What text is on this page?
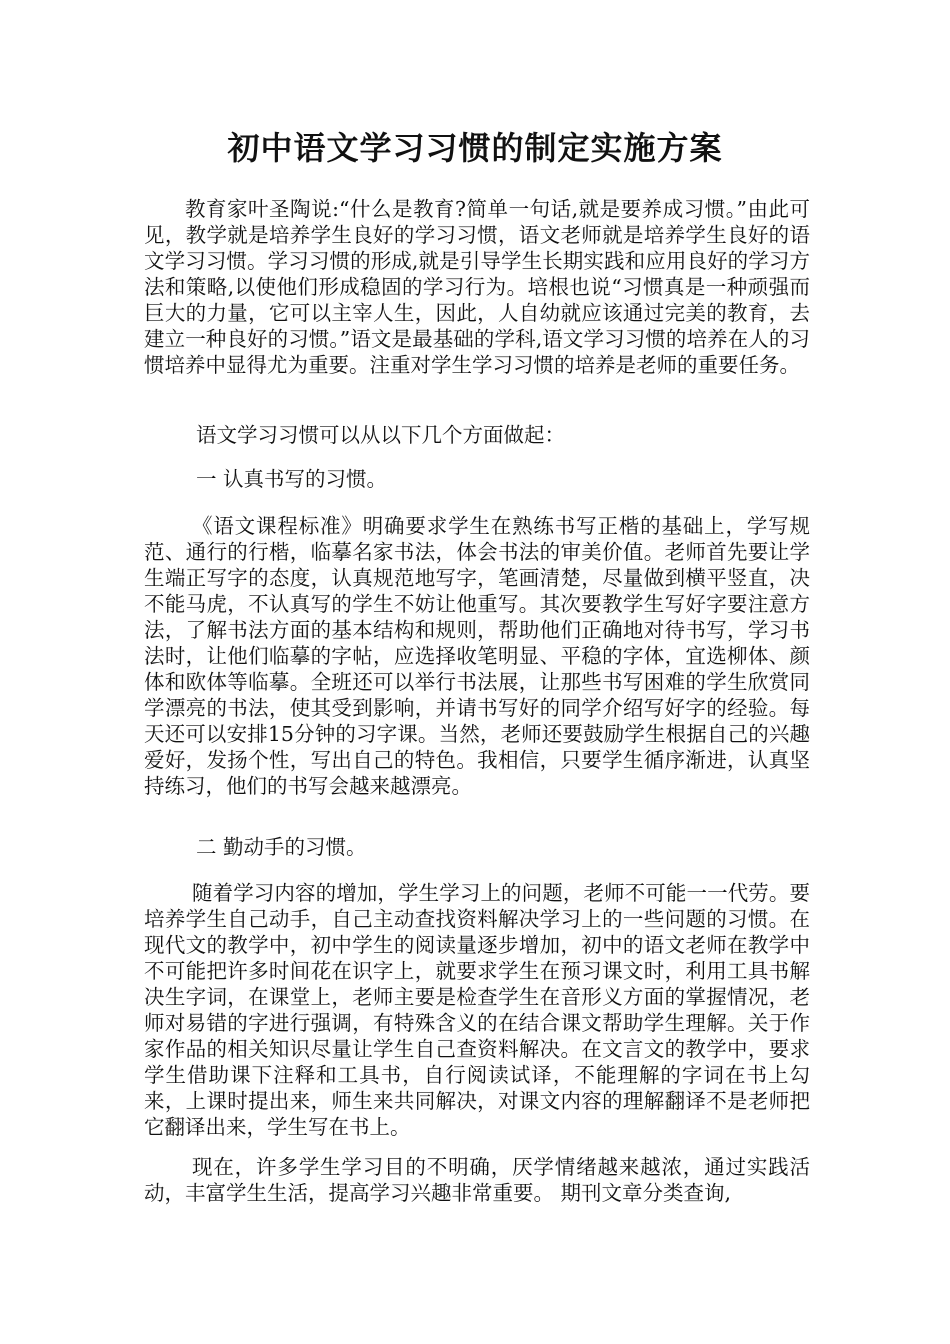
初中语文学习习惯的制定实施方案

教育家叶圣陶说:“什么是教育?简单一句话,就是要养成习惯。”由此可见，教学就是培养学生良好的学习习惯，语文老师就是培养学生良好的语文学习习惯。学习习惯的形成,就是引导学生长期实践和应用良好的学习方法和策略,以使他们形成稳固的学习行为。培根也说“习惯真是一种顽强而巨大的力量，它可以主宰人生，因此，人自幼就应该通过完美的教育，去建立一种良好的习惯。”语文是最基础的学科,语文学习习惯的培养在人的习惯培养中显得尤为重要。注重对学生学习习惯的培养是老师的重要任务。

语文学习习惯可以从以下几个方面做起：

一 认真书写的习惯。

《语文课程标准》明确要求学生在熟练书写正楷的基础上，学写规范、通行的行楷，临摹名家书法，体会书法的审美价值。老师首先要让学生端正写字的态度，认真规范地写字，笔画清楚，尽量做到横平竖直，决不能马虎，不认真写的学生不妨让他重写。其次要教学生写好字要注意方法，了解书法方面的基本结构和规则，帮助他们正确地对待书写，学习书法时，让他们临摹的字帖，应选择收笔明显、平稳的字体，宜选柳体、颜体和欧体等临摹。全班还可以举行书法展，让那些书写困难的学生欣赏同学漂亮的书法，使其受到影响，并请书写好的同学介绍写好字的经验。每天还可以安排15分钟的习字课。当然，老师还要鼓励学生根据自己的兴趣爱好，发扬个性，写出自己的特色。我相信，只要学生循序渐进，认真坚持练习，他们的书写会越来越漂亮。

二 勤动手的习惯。

随着学习内容的增加，学生学习上的问题，老师不可能一一代劳。要培养学生自己动手，自己主动查找资料解决学习上的一些问题的习惯。在现代文的教学中，初中学生的阅读量逐步增加，初中的语文老师在教学中不可能把许多时间花在识字上，就要求学生在预习课文时，利用工具书解决生字词，在课堂上，老师主要是检查学生在音形义方面的掌握情况，老师对易错的字进行强调，有特殊含义的在结合课文帮助学生理解。关于作家作品的相关知识尽量让学生自己查资料解决。在文言文的教学中，要求学生借助课下注释和工具书，自行阅读试译，不能理解的字词在书上勾来，上课时提出来，师生来共同解决，对课文内容的理解翻译不是老师把它翻译出来，学生写在书上。

现在，许多学生学习目的不明确，厌学情绪越来越浓，通过实践活动，丰富学生生活，提高学习兴趣非常重要。 期刊文章分类查询,
